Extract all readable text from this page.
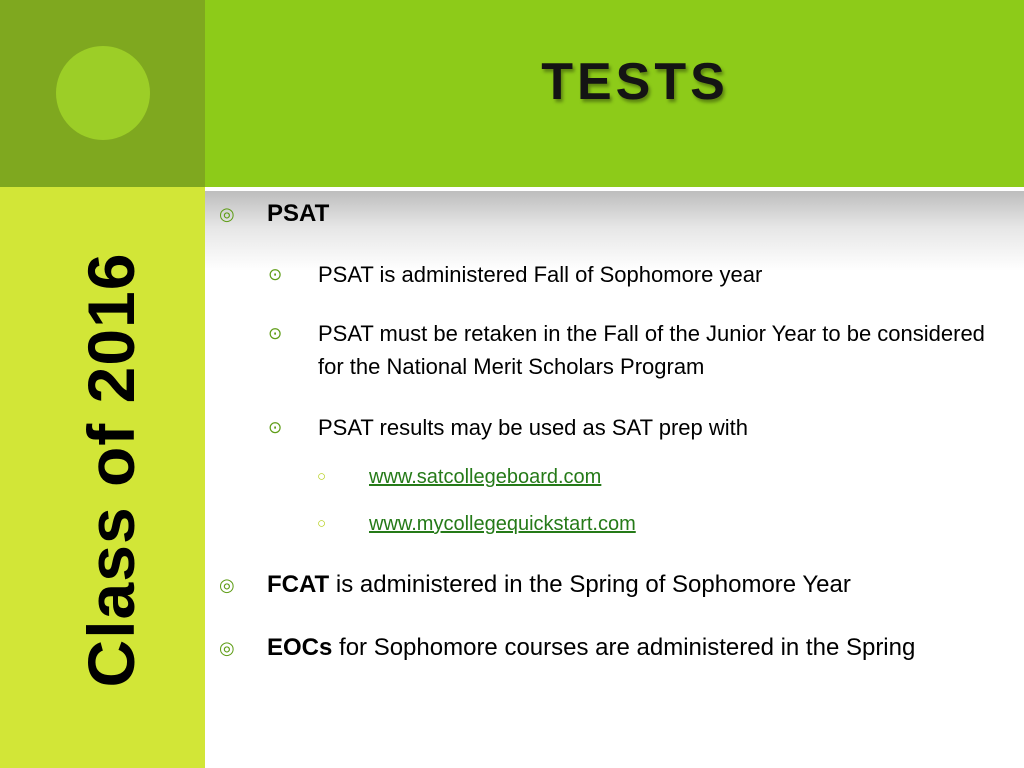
Class of 2016
TESTS
◎ PSAT
⊙ PSAT is administered Fall of Sophomore year
⊙ PSAT must be retaken in the Fall of the Junior Year to be considered for the National Merit Scholars Program
⊙ PSAT results may be used as SAT prep with
○ www.satcollegeboard.com
○ www.mycollegequickstart.com
◎ FCAT is administered in the Spring of Sophomore Year
◎ EOCs for Sophomore courses are administered in the Spring
